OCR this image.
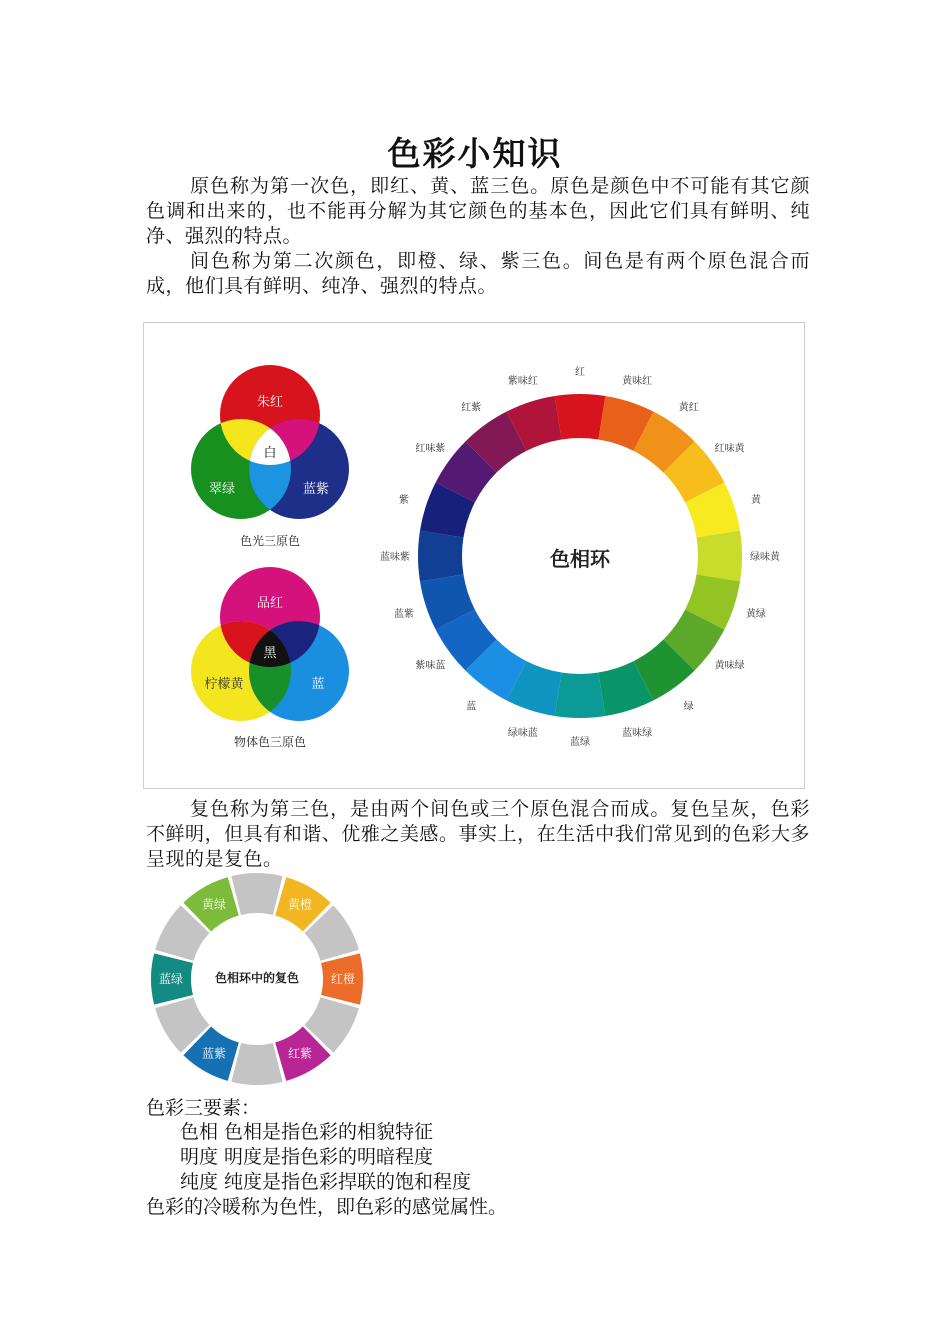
色彩小知识

原色称为第一次色，即红、黄、蓝三色。原色是颜色中不可能有其它颜色调和出来的，也不能再分解为其它颜色的基本色，因此它们具有鲜明、纯净、强烈的特点。

间色称为第二次颜色，即橙、绿、紫三色。间色是有两个原色混合而成，他们具有鲜明、纯净、强烈的特点。

朱红
白
翠绿	蓝紫
色光三原色
品红
黑
柠檬黄	蓝
物体色三原色
红
黄味红
黄红
红味黄
黄
绿味黄
黄绿
黄味绿
绿
蓝味绿
蓝绿
绿味蓝
蓝
紫味蓝
蓝紫
蓝味紫
紫
红味紫
红紫
紫味红
色相环

复色称为第三色，是由两个间色或三个原色混合而成。复色呈灰，色彩不鲜明，但具有和谐、优雅之美感。事实上，在生活中我们常见到的色彩大多呈现的是复色。

黄橙
红橙
红紫
蓝紫
蓝绿
黄绿
色相环中的复色

色彩三要素：

色相 色相是指色彩的相貌特征

明度 明度是指色彩的明暗程度

纯度 纯度是指色彩捍联的饱和程度

色彩的冷暖称为色性，即色彩的感觉属性。
